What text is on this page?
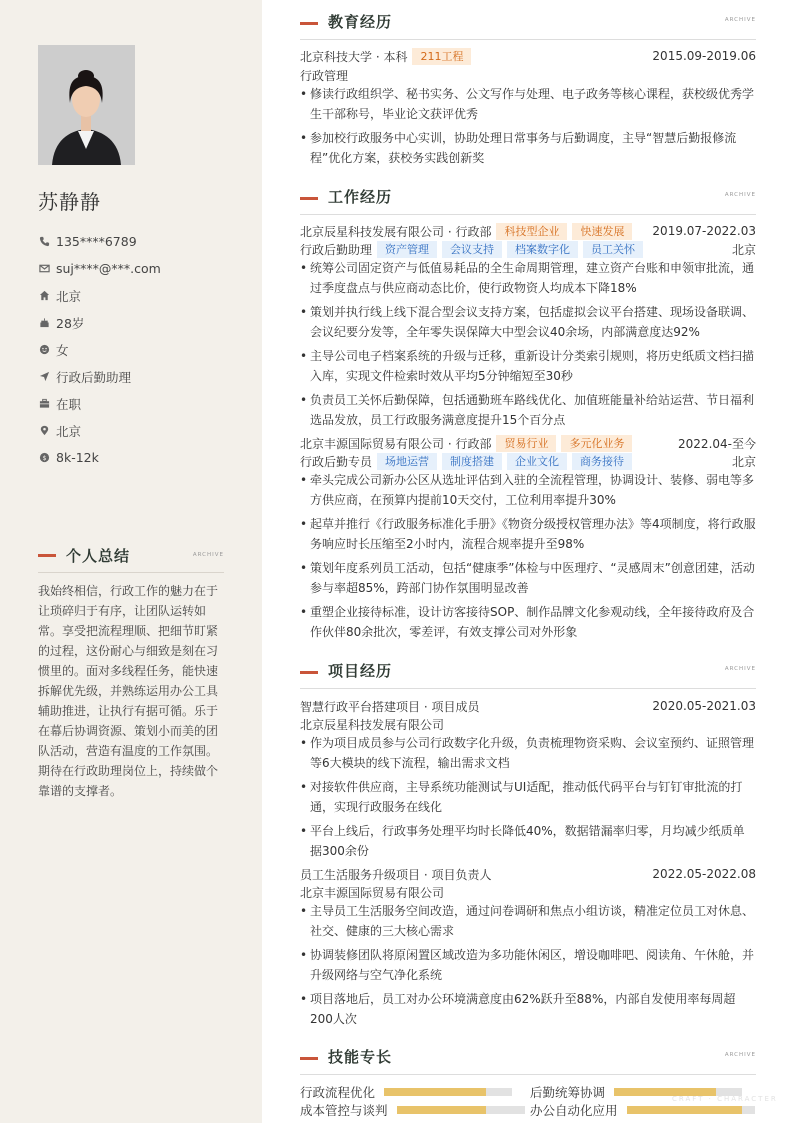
苏静静
135****6789
suj****@***.com
北京
28岁
女
行政后勤助理
在职
北京
$ 8k-12k
个人总结	ARCHIVE

我始终相信，行政工作的魅力在于让琐碎归于有序，让团队运转如常。享受把流程理顺、把细节盯紧的过程，这份耐心与细致是刻在习惯里的。面对多线程任务，能快速拆解优先级，并熟练运用办公工具辅助推进，让执行有据可循。乐于在幕后协调资源、策划小而美的团队活动，营造有温度的工作氛围。期待在行政助理岗位上，持续做个靠谱的支撑者。

教育经历	ARCHIVE
北京科技大学 · 本科	211工程	2015.09-2019.06
行政管理
• 修读行政组织学、秘书实务、公文写作与处理、电子政务等核心课程，获校级优秀学生干部称号，毕业论文获评优秀
• 参加校行政服务中心实训，协助处理日常事务与后勤调度，主导“智慧后勤报修流程”优化方案，获校务实践创新奖
工作经历	ARCHIVE
北京辰星科技发展有限公司 · 行政部	科技型企业	快速发展	2019.07-2022.03
行政后勤助理	资产管理	会议支持	档案数字化	员工关怀	北京
• 统筹公司固定资产与低值易耗品的全生命周期管理，建立资产台账和申领审批流，通过季度盘点与供应商动态比价，使行政物资人均成本下降18%
• 策划并执行线上线下混合型会议支持方案，包括虚拟会议平台搭建、现场设备联调、会议纪要分发等，全年零失误保障大中型会议40余场，内部满意度达92%
• 主导公司电子档案系统的升级与迁移，重新设计分类索引规则，将历史纸质文档扫描入库，实现文件检索时效从平均5分钟缩短至30秒
• 负责员工关怀后勤保障，包括通勤班车路线优化、加值班能量补给站运营、节日福利选品发放，员工行政服务满意度提升15个百分点
北京丰源国际贸易有限公司 · 行政部	贸易行业	多元化业务	2022.04-至今
行政后勤专员	场地运营	制度搭建	企业文化	商务接待	北京
• 牵头完成公司新办公区从选址评估到入驻的全流程管理，协调设计、装修、弱电等多方供应商，在预算内提前10天交付，工位利用率提升30%
• 起草并推行《行政服务标准化手册》《物资分级授权管理办法》等4项制度，将行政服务响应时长压缩至2小时内，流程合规率提升至98%
• 策划年度系列员工活动，包括“健康季”体检与中医理疗、“灵感周末”创意团建，活动参与率超85%，跨部门协作氛围明显改善
• 重塑企业接待标准，设计访客接待SOP、制作品牌文化参观动线，全年接待政府及合作伙伴80余批次，零差评，有效支撑公司对外形象
项目经历	ARCHIVE
智慧行政平台搭建项目 · 项目成员	2020.05-2021.03
北京辰星科技发展有限公司
• 作为项目成员参与公司行政数字化升级，负责梳理物资采购、会议室预约、证照管理等6大模块的线下流程，输出需求文档
• 对接软件供应商，主导系统功能测试与UI适配，推动低代码平台与钉钉审批流的打通，实现行政服务在线化
• 平台上线后，行政事务处理平均时长降低40%，数据错漏率归零，月均减少纸质单据300余份
员工生活服务升级项目 · 项目负责人	2022.05-2022.08
北京丰源国际贸易有限公司
• 主导员工生活服务空间改造，通过问卷调研和焦点小组访谈，精准定位员工对休息、社交、健康的三大核心需求
• 协调装修团队将原闲置区域改造为多功能休闲区，增设咖啡吧、阅读角、午休舱，并升级网络与空气净化系统
• 项目落地后，员工对办公环境满意度由62%跃升至88%，内部自发使用率每周超200人次
技能专长	ARCHIVE
行政流程优化	后勤统筹协调
成本管控与谈判	办公自动化应用
CRAFT · CHARACTER
